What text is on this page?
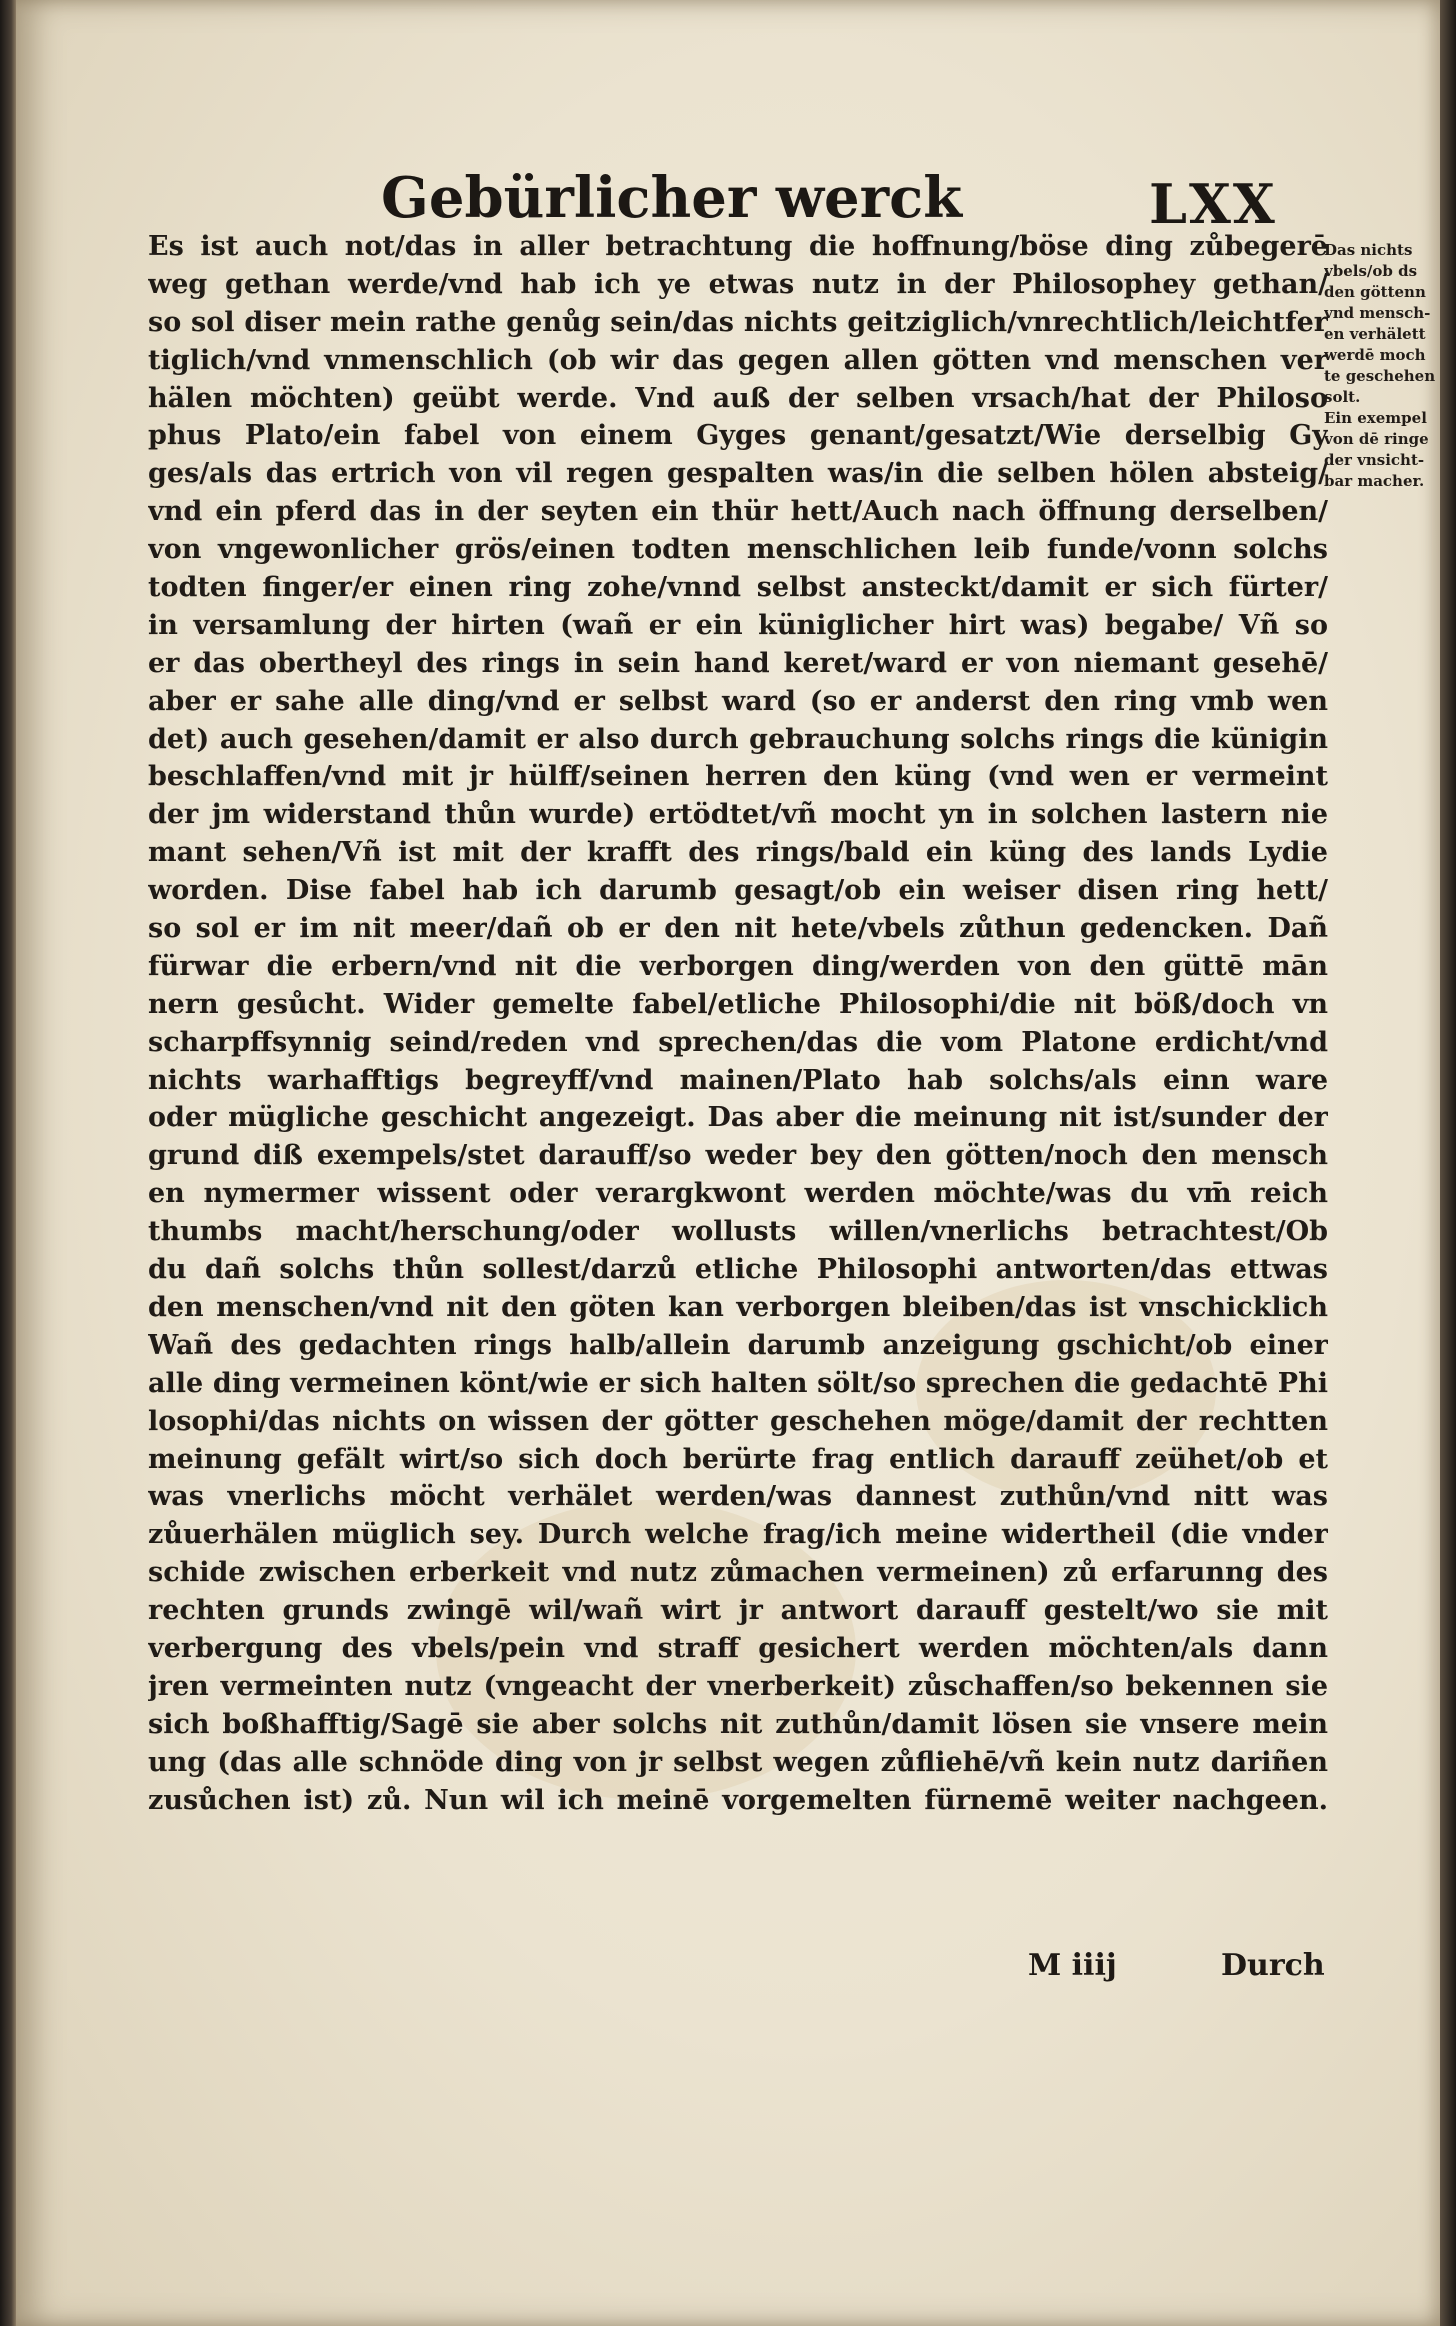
Gebürlicher werck	LXX
Es ist auch not/das in aller betrachtung die hoffnung/böse ding zůbegerē
weg gethan werde/vnd hab ich ye etwas nutz in der Philosophey gethan/
so sol diser mein rathe genůg sein/das nichts geitziglich/vnrechtlich/leichtfer
tiglich/vnd vnmenschlich (ob wir das gegen allen götten vnd menschen ver
hälen möchten) geübt werde. Vnd auß der selben vrsach/hat der Philoso
phus Plato/ein fabel von einem Gyges genant/gesatzt/Wie derselbig Gy
ges/als das ertrich von vil regen gespalten was/in die selben hölen absteig/
vnd ein pferd das in der seyten ein thür hett/Auch nach öffnung derselben/
von vngewonlicher grös/einen todten menschlichen leib funde/vonn solchs
todten finger/er einen ring zohe/vnnd selbst ansteckt/damit er sich fürter/
in versamlung der hirten (wañ er ein küniglicher hirt was) begabe/ Vñ so
er das obertheyl des rings in sein hand keret/ward er von niemant gesehē/
aber er sahe alle ding/vnd er selbst ward (so er anderst den ring vmb wen
det) auch gesehen/damit er also durch gebrauchung solchs rings die künigin
beschlaffen/vnd mit jr hülff/seinen herren den küng (vnd wen er vermeint
der jm widerstand thůn wurde) ertödtet/vñ mocht yn in solchen lastern nie
mant sehen/Vñ ist mit der krafft des rings/bald ein küng des lands Lydie
worden. Dise fabel hab ich darumb gesagt/ob ein weiser disen ring hett/
so sol er im nit meer/dañ ob er den nit hete/vbels zůthun gedencken. Dañ
fürwar die erbern/vnd nit die verborgen ding/werden von den güttē mān
nern gesůcht. Wider gemelte fabel/etliche Philosophi/die nit böß/doch vn
scharpffsynnig seind/reden vnd sprechen/das die vom Platone erdicht/vnd
nichts warhafftigs begreyff/vnd mainen/Plato hab solchs/als einn ware
oder mügliche geschicht angezeigt. Das aber die meinung nit ist/sunder der
grund diß exempels/stet darauff/so weder bey den götten/noch den mensch
en nymermer wissent oder verargkwont werden möchte/was du vm̄ reich
thumbs macht/herschung/oder wollusts willen/vnerlichs betrachtest/Ob
du dañ solchs thůn sollest/darzů etliche Philosophi antworten/das ettwas
den menschen/vnd nit den göten kan verborgen bleiben/das ist vnschicklich
Wañ des gedachten rings halb/allein darumb anzeigung gschicht/ob einer
alle ding vermeinen könt/wie er sich halten sölt/so sprechen die gedachtē Phi
losophi/das nichts on wissen der götter geschehen möge/damit der rechtten
meinung gefält wirt/so sich doch berürte frag entlich darauff zeühet/ob et
was vnerlichs möcht verhälet werden/was dannest zuthůn/vnd nitt was
zůuerhälen müglich sey. Durch welche frag/ich meine widertheil (die vnder
schide zwischen erberkeit vnd nutz zůmachen vermeinen) zů erfarunng des
rechten grunds zwingē wil/wañ wirt jr antwort darauff gestelt/wo sie mit
verbergung des vbels/pein vnd straff gesichert werden möchten/als dann
jren vermeinten nutz (vngeacht der vnerberkeit) zůschaffen/so bekennen sie
sich boßhafftig/Sagē sie aber solchs nit zuthůn/damit lösen sie vnsere mein
ung (das alle schnöde ding von jr selbst wegen zůfliehē/vñ kein nutz dariñen
zusůchen ist) zů. Nun wil ich meinē vorgemelten fürnemē weiter nachgeen.
Das nichts
vbels/ob ds
den göttenn
vnd mensch-
en verhälett
werdē moch
te geschehen
solt.
Ein exempel
von dē ringe
der vnsicht-
bar macher.
M iiij	Durch
